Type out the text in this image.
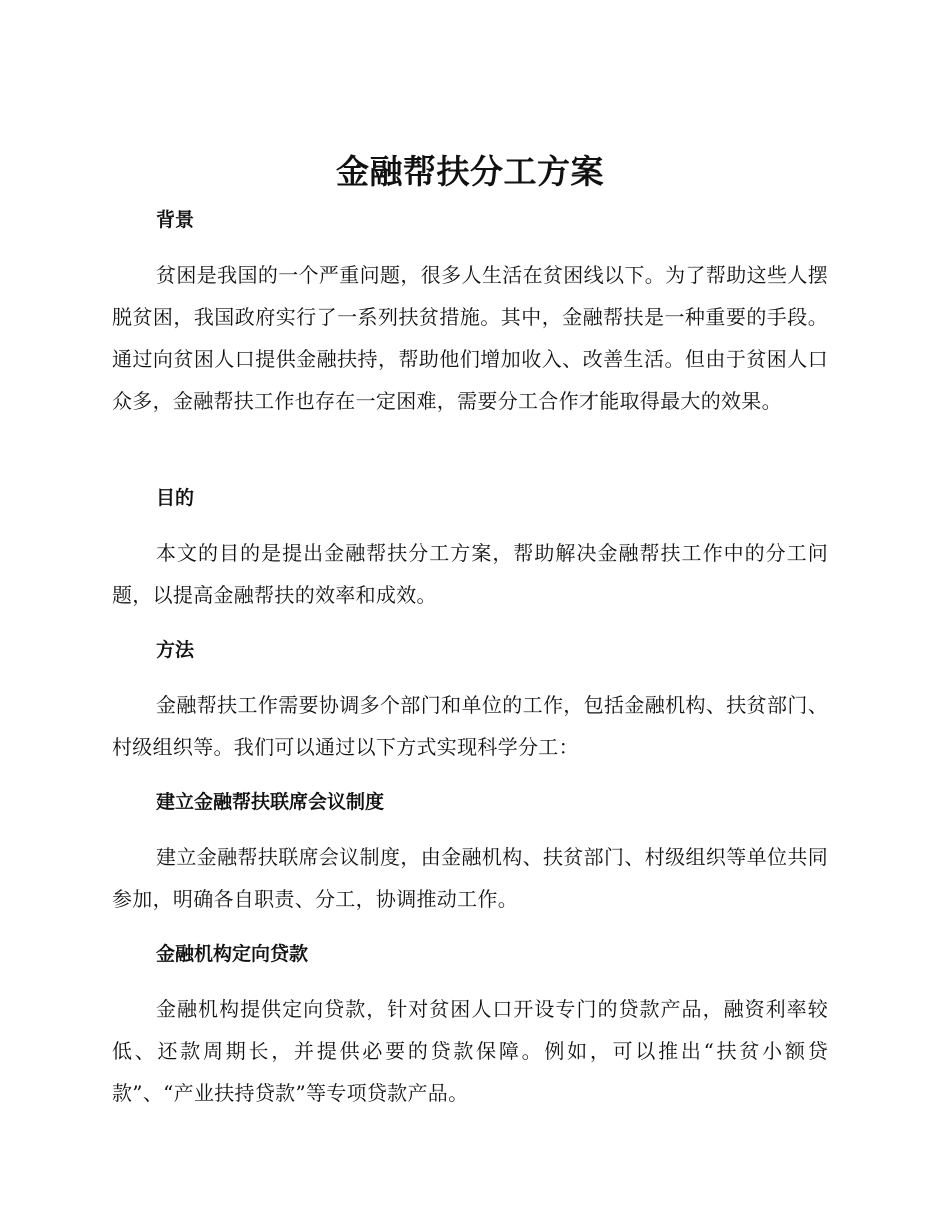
金融帮扶分工方案
背景

贫困是我国的一个严重问题，很多人生活在贫困线以下。为了帮助这些人摆脱贫困，我国政府实行了一系列扶贫措施。其中，金融帮扶是一种重要的手段。通过向贫困人口提供金融扶持，帮助他们增加收入、改善生活。但由于贫困人口众多，金融帮扶工作也存在一定困难，需要分工合作才能取得最大的效果。

目的

本文的目的是提出金融帮扶分工方案，帮助解决金融帮扶工作中的分工问题，以提高金融帮扶的效率和成效。

方法

金融帮扶工作需要协调多个部门和单位的工作，包括金融机构、扶贫部门、村级组织等。我们可以通过以下方式实现科学分工：

建立金融帮扶联席会议制度

建立金融帮扶联席会议制度，由金融机构、扶贫部门、村级组织等单位共同参加，明确各自职责、分工，协调推动工作。

金融机构定向贷款

金融机构提供定向贷款，针对贫困人口开设专门的贷款产品，融资利率较低、还款周期长，并提供必要的贷款保障。例如，可以推出“扶贫小额贷款”、“产业扶持贷款”等专项贷款产品。
